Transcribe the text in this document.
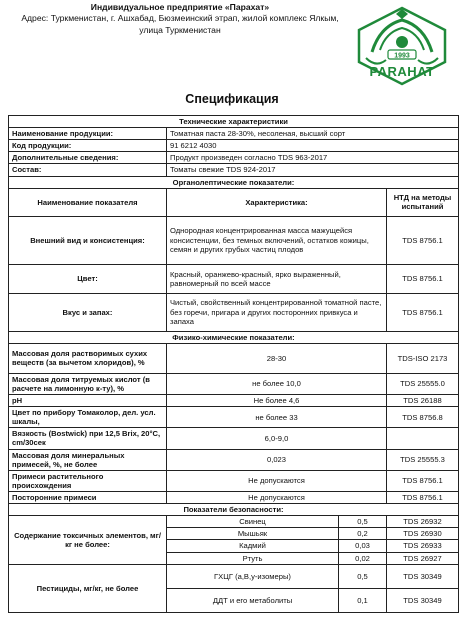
Индивидуальное предприятие «Парахат»
Адрес: Туркменистан, г. Ашхабад, Бюзмеинский этрап, жилой комплекс Ялкым, улица Туркменистан
1993
PARAHAT
Спецификация
Технические характеристики			
Наименование продукции:	Томатная паста 28-30%, несоленая, высший сорт		
Код продукции:	91 6212 4030		
Дополнительные сведения:	Продукт произведен согласно TDS 963-2017		
Состав:	Томаты свежие TDS 924-2017		
Органолептические показатели:			
Наименование показателя	Характеристика:		НТД на методы испытаний
Внешний вид и консистенция:	Однородная концентрированная масса мажущейся консистенции, без темных включений, остатков кожицы, семян и других грубых частиц плодов		TDS 8756.1
Цвет:	Красный, оранжево-красный, ярко выраженный, равномерный по всей массе		TDS 8756.1
Вкус и запах:	Чистый, свойственный концентрированной томатной пасте, без горечи, пригара и других посторонних привкуса и запаха		TDS 8756.1
Физико-химические показатели:			
Массовая доля растворимых сухих веществ (за вычетом хлоридов), %	28-30		TDS-ISO 2173
Массовая доля титруемых кислот (в расчете на лимонную к-ту), %	не более 10,0		TDS 25555.0
pH	Не более 4,6		TDS 26188
Цвет по прибору Томаколор, дел. усл. шкалы,	не более 33		TDS 8756.8
Вязкость (Bostwick) при 12,5 Brix, 20°C, cm/30сек	6,0-9,0		
Массовая доля минеральных примесей, %, не более	0,023		TDS 25555.3
Примеси растительного происхождения	Не допускаются		TDS 8756.1
Посторонние примеси	Не допускаются		TDS 8756.1
Показатели безопасности:			
Содержание токсичных элементов, мг/кг не более:	Свинец	0,5	TDS 26932
	Мышьяк	0,2	TDS 26930
	Кадмий	0,03	TDS 26933
	Ртуть	0,02	TDS 26927
Пестициды, мг/кг, не более	ГХЦГ (а,В,у-изомеры)	0,5	TDS 30349
	ДДТ и его метаболиты	0,1	TDS 30349
